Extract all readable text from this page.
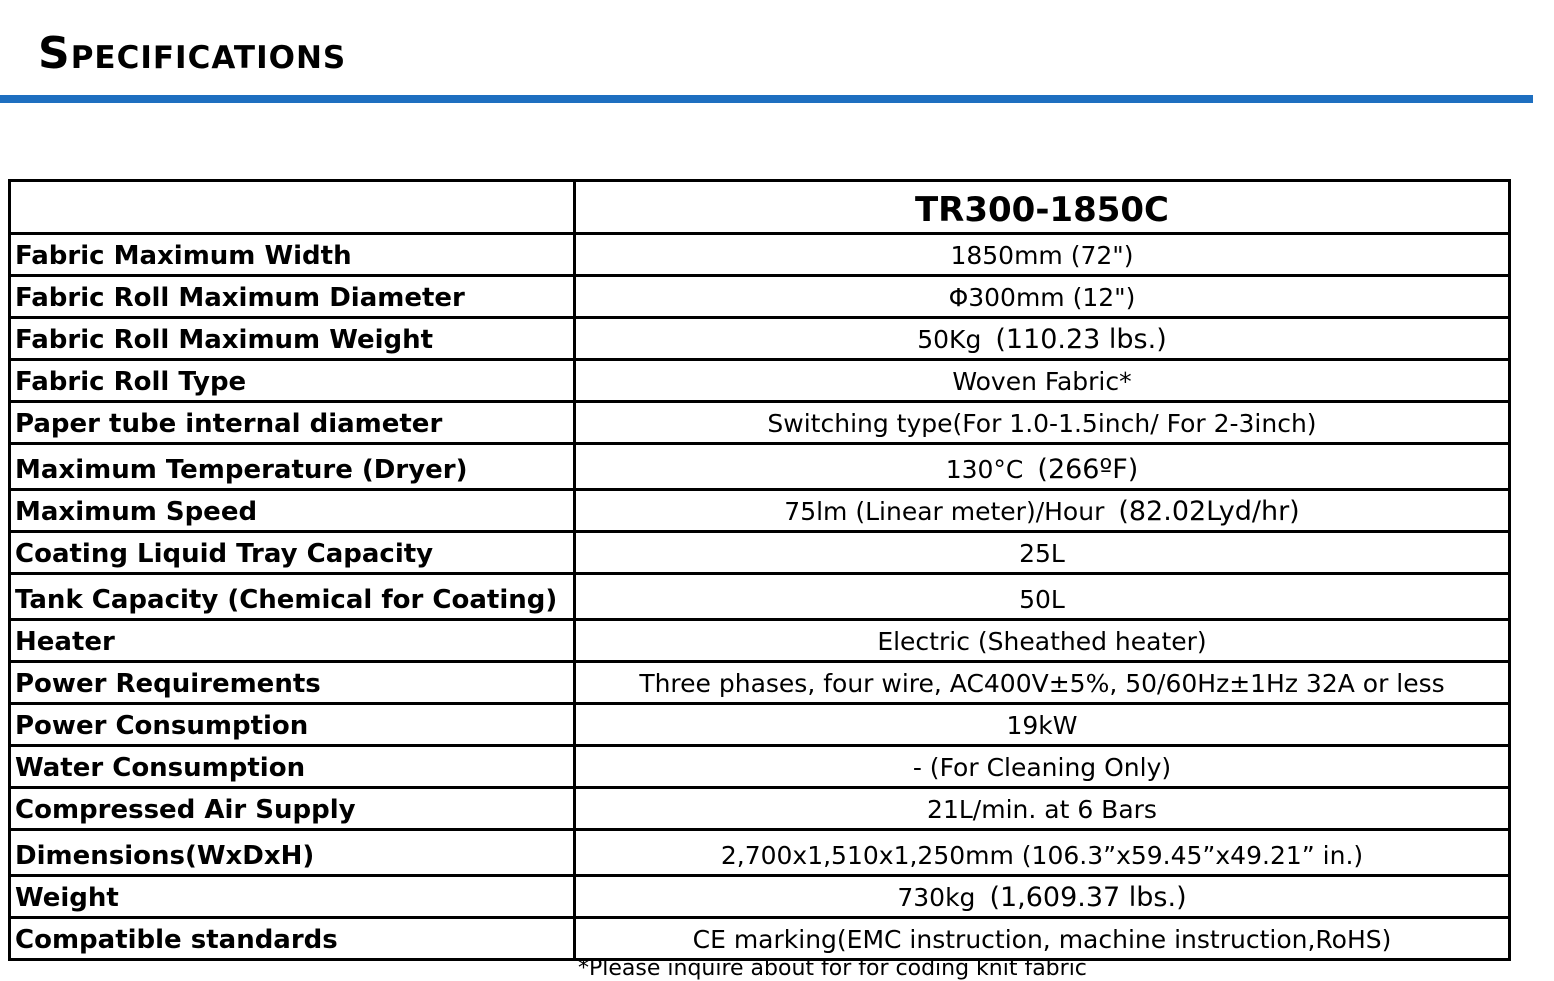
Specifications
	TR300-1850C
Fabric Maximum Width	1850mm (72")
Fabric Roll Maximum Diameter	Φ300mm (12")
Fabric Roll Maximum Weight	50Kg (110.23 lbs.)
Fabric Roll Type	Woven Fabric*
Paper tube internal diameter	Switching type(For 1.0-1.5inch/ For 2-3inch)
Maximum Temperature (Dryer)	130°C (266ºF)
Maximum Speed	75lm (Linear meter)/Hour (82.02Lyd/hr)
Coating Liquid Tray Capacity	25L
Tank Capacity (Chemical for Coating)	50L
Heater	Electric (Sheathed heater)
Power Requirements	Three phases, four wire, AC400V±5%, 50/60Hz±1Hz 32A or less
Power Consumption	19kW
Water Consumption	- (For Cleaning Only)
Compressed Air Supply	21L/min. at 6 Bars
Dimensions(WxDxH)	2,700x1,510x1,250mm (106.3”x59.45”x49.21” in.)
Weight	730kg (1,609.37 lbs.)
Compatible standards	CE marking(EMC instruction, machine instruction,RoHS)
*Please inquire about for for coding knit fabric
